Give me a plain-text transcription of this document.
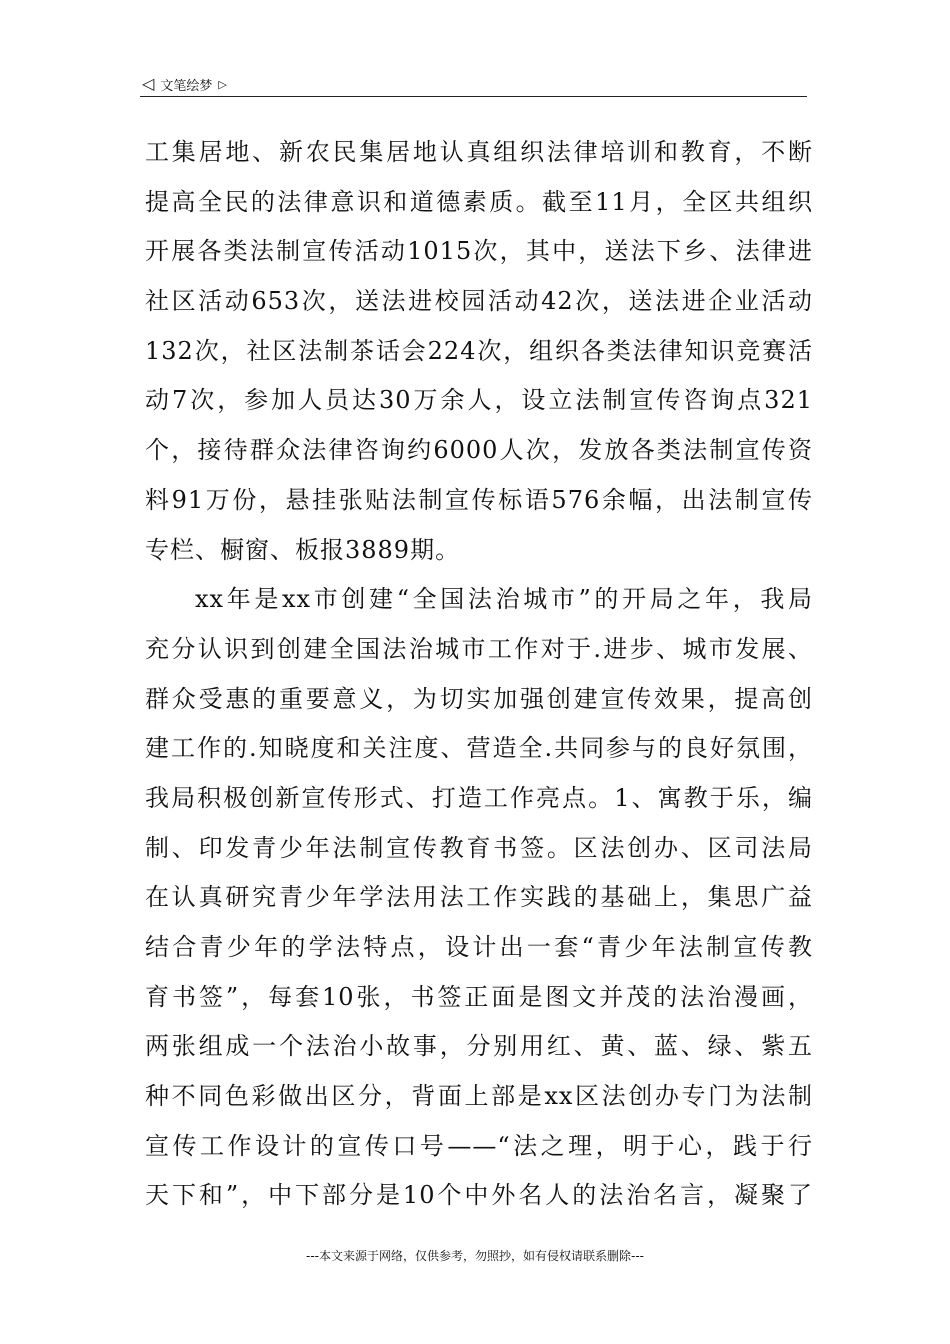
◁ 文笔绘梦 ▷
工集居地、新农民集居地认真组织法律培训和教育，不断
提高全民的法律意识和道德素质。截至11月，全区共组织
开展各类法制宣传活动1015次，其中，送法下乡、法律进
社区活动653次，送法进校园活动42次，送法进企业活动
132次，社区法制茶话会224次，组织各类法律知识竞赛活
动7次，参加人员达30万余人，设立法制宣传咨询点321
个，接待群众法律咨询约6000人次，发放各类法制宣传资
料91万份，悬挂张贴法制宣传标语576余幅，出法制宣传
专栏、橱窗、板报3889期。
xx年是xx市创建“全国法治城市”的开局之年，我局
充分认识到创建全国法治城市工作对于.进步、城市发展、
群众受惠的重要意义，为切实加强创建宣传效果，提高创
建工作的.知晓度和关注度、营造全.共同参与的良好氛围，
我局积极创新宣传形式、打造工作亮点。1、寓教于乐，编
制、印发青少年法制宣传教育书签。区法创办、区司法局
在认真研究青少年学法用法工作实践的基础上，集思广益
结合青少年的学法特点，设计出一套“青少年法制宣传教
育书签”，每套10张，书签正面是图文并茂的法治漫画，
两张组成一个法治小故事，分别用红、黄、蓝、绿、紫五
种不同色彩做出区分，背面上部是xx区法创办专门为法制
宣传工作设计的宣传口号——“法之理，明于心，践于行
天下和”，中下部分是10个中外名人的法治名言，凝聚了
---本文来源于网络，仅供参考，勿照抄，如有侵权请联系删除---
